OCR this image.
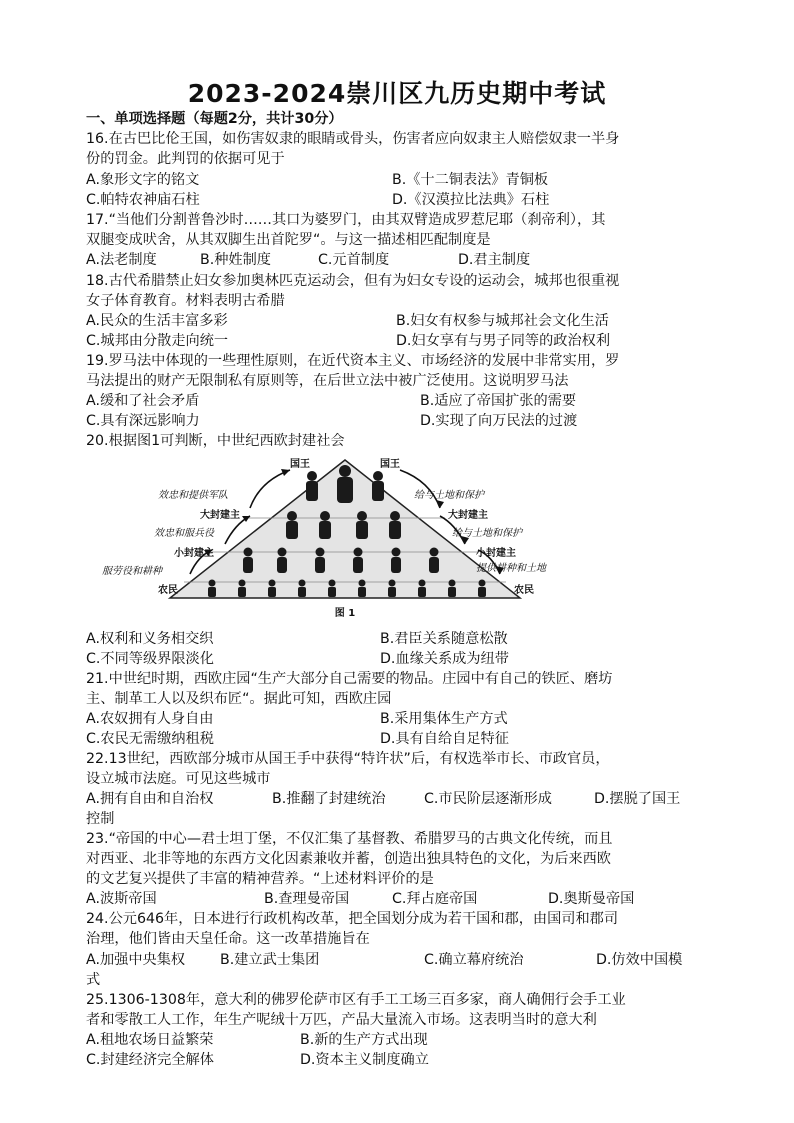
2023-2024崇川区九历史期中考试

一、单项选择题（每题2分，共计30分）

16.在古巴比伦王国，如伤害奴隶的眼睛或骨头，伤害者应向奴隶主人赔偿奴隶一半身

份的罚金。此判罚的依据可见于

A.象形文字的铭文	B.《十二铜表法》青铜板

C.帕特农神庙石柱	D.《汉漠拉比法典》石柱

17.“当他们分割普鲁沙时……其口为婆罗门，由其双臂造成罗惹尼耶（刹帝利），其

双腿变成吠舍，从其双脚生出首陀罗“。与这一描述相匹配制度是

A.法老制度	B.种姓制度	C.元首制度	D.君主制度

18.古代希腊禁止妇女参加奥林匹克运动会，但有为妇女专设的运动会，城邦也很重视

女子体育教育。材料表明古希腊

A.民众的生活丰富多彩	B.妇女有权参与城邦社会文化生活

C.城邦由分散走向统一	D.妇女享有与男子同等的政治权利

19.罗马法中体现的一些理性原则，在近代资本主义、市场经济的发展中非常实用，罗

马法提出的财产无限制私有原则等，在后世立法中被广泛使用。这说明罗马法

A.缓和了社会矛盾	B.适应了帝国扩张的需要

C.具有深远影响力	D.实现了向万民法的过渡

20.根据图1可判断，中世纪西欧封建社会

国王	国王
大封建主	大封建主
小封建主	小封建主
农民	农民
效忠和提供军队
效忠和服兵役
服劳役和耕种
给与土地和保护
给与土地和保护
提供耕种和土地
图 1

A.权利和义务相交织	B.君臣关系随意松散

C.不同等级界限淡化	D.血缘关系成为纽带

21.中世纪时期，西欧庄园“生产大部分自己需要的物品。庄园中有自己的铁匠、磨坊

主、制革工人以及织布匠“。据此可知，西欧庄园

A.农奴拥有人身自由	B.采用集体生产方式

C.农民无需缴纳租税	D.具有自给自足特征

22.13世纪，西欧部分城市从国王手中获得“特许状”后，有权选举市长、市政官员，

设立城市法庭。可见这些城市

A.拥有自由和自治权	B.推翻了封建统治	C.市民阶层逐渐形成	D.摆脱了国王

控制

23.“帝国的中心—君士坦丁堡，不仅汇集了基督教、希腊罗马的古典文化传统，而且

对西亚、北非等地的东西方文化因素兼收并蓄，创造出独具特色的文化，为后来西欧

的文艺复兴提供了丰富的精神营养。“上述材料评价的是

A.波斯帝国	B.查理曼帝国	C.拜占庭帝国	D.奥斯曼帝国

24.公元646年，日本进行行政机构改革，把全国划分成为若干国和郡，由国司和郡司

治理，他们皆由天皇任命。这一改革措施旨在

A.加强中央集权 B.建立武士集团	C.确立幕府统治	D.仿效中国模

式

25.1306-1308年，意大利的佛罗伦萨市区有手工工场三百多家，商人确佣行会手工业

者和零散工人工作，年生产呢绒十万匹，产品大量流入市场。这表明当时的意大利

A.租地农场日益繁荣	B.新的生产方式出现

C.封建经济完全解体	D.资本主义制度确立
